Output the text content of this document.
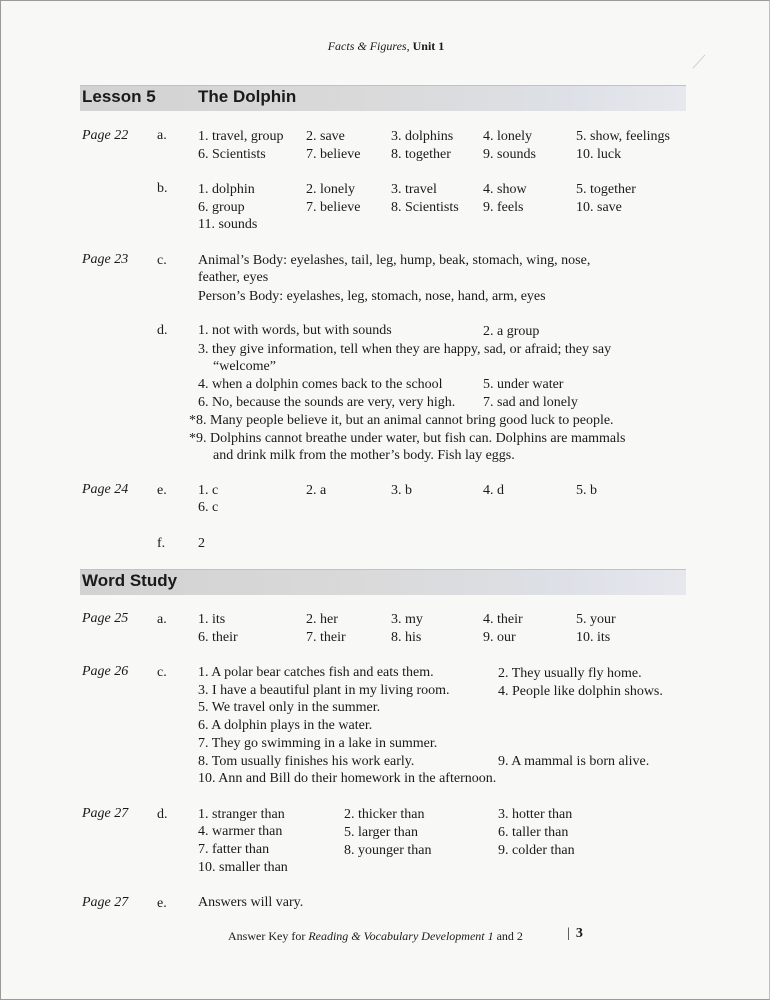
Facts & Figures, Unit 1
Lesson 5 The Dolphin
Page 22 a. 1. travel, group 2. save	3. dolphins 4. lonely	5. show, feelings
6. Scientists	7. believe 8. together 9. sounds	10. luck
b. 1. dolphin	2. lonely	3. travel	4. show	5. together
6. group	7. believe 8. Scientists 9. feels	10. save
11. sounds
Page 23 c. Animal’s Body: eyelashes, tail, leg, hump, beak, stomach, wing, nose,
feather, eyes
Person’s Body: eyelashes, leg, stomach, nose, hand, arm, eyes
d. 1. not with words, but with sounds	2. a group
3. they give information, tell when they are happy, sad, or afraid; they say
“welcome”
4. when a dolphin comes back to the school	5. under water
6. No, because the sounds are very, very high. 7. sad and lonely
*8. Many people believe it, but an animal cannot bring good luck to people.
*9. Dolphins cannot breathe under water, but fish can. Dolphins are mammals
and drink milk from the mother’s body. Fish lay eggs.
Page 24 e. 1. c	2. a	3. b	4. d	5. b
6. c
f. 2
Word Study
Page 25 a. 1. its	2. her	3. my	4. their	5. your
6. their	7. their	8. his	9. our	10. its
Page 26 c. 1. A polar bear catches fish and eats them.	2. They usually fly home.
3. I have a beautiful plant in my living room.	4. People like dolphin shows.
5. We travel only in the summer.
6. A dolphin plays in the water.
7. They go swimming in a lake in summer.
8. Tom usually finishes his work early.	9. A mammal is born alive.
10. Ann and Bill do their homework in the afternoon.
Page 27 d. 1. stranger than	2. thicker than	3. hotter than
4. warmer than	5. larger than	6. taller than
7. fatter than	8. younger than	9. colder than
10. smaller than
Page 27 e. Answers will vary.
Answer Key for Reading & Vocabulary Development 1 and 2	| 3
